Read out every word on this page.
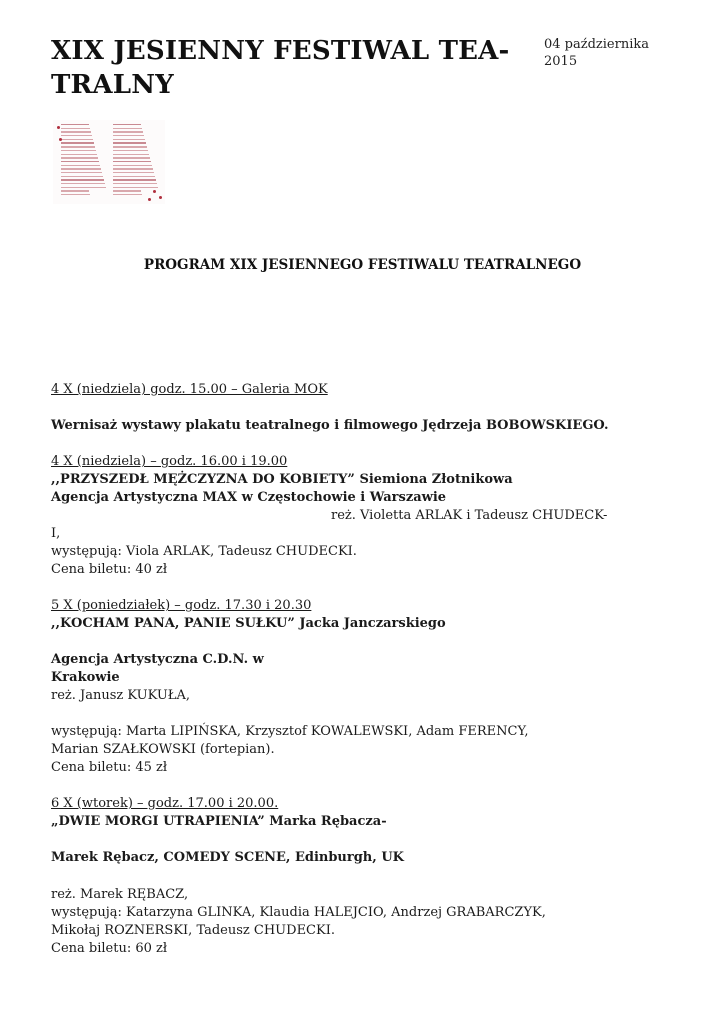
XIX JESIENNY FESTIWAL TEA-
TRALNY
04 października
2015
PROGRAM XIX JESIENNEGO FESTIWALU TEATRALNEGO

4 X (niedziela) godz. 15.00 – Galeria MOK

Wernisaż wystawy plakatu teatralnego i filmowego Jędrzeja BOBOWSKIEGO.

4 X (niedziela) – godz. 16.00 i 19.00

,,PRZYSZEDŁ MĘŻCZYZNA DO KOBIETY” Siemiona Złotnikowa

Agencja Artystyczna MAX w Częstochowie i Warszawie

reż. Violetta ARLAK i Tadeusz CHUDECK-

I,

występują: Viola ARLAK, Tadeusz CHUDECKI.

Cena biletu: 40 zł

5 X (poniedziałek) – godz. 17.30 i 20.30

,,KOCHAM PANA, PANIE SUŁKU” Jacka Janczarskiego

Agencja Artystyczna C.D.N. w

Krakowie

reż. Janusz KUKUŁA,

występują: Marta LIPIŃSKA, Krzysztof KOWALEWSKI, Adam FERENCY,

Marian SZAŁKOWSKI (fortepian).

Cena biletu: 45 zł

6 X (wtorek) – godz. 17.00 i 20.00.

„DWIE MORGI UTRAPIENIA” Marka Rębacza-

Marek Rębacz, COMEDY SCENE, Edinburgh, UK

reż. Marek RĘBACZ,

występują: Katarzyna GLINKA, Klaudia HALEJCIO, Andrzej GRABARCZYK,

Mikołaj ROZNERSKI, Tadeusz CHUDECKI.

Cena biletu: 60 zł
